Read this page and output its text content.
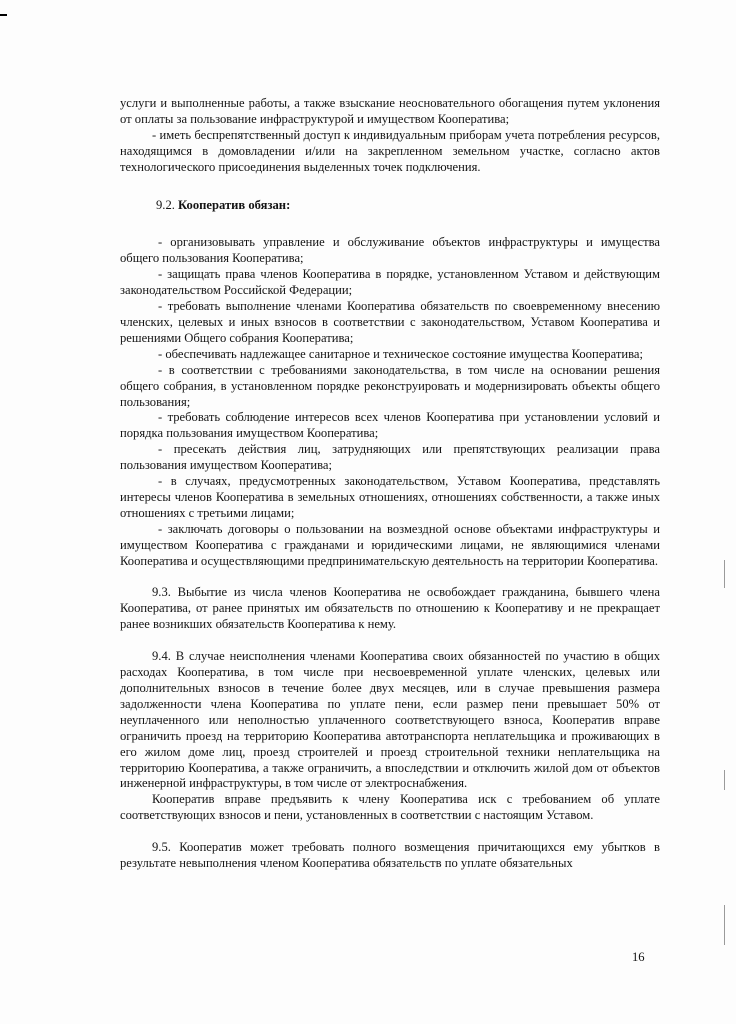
услуги и выполненные работы, а также взыскание неосновательного обогащения путем уклонения от оплаты за пользование инфраструктурой и имуществом Кооператива;

- иметь беспрепятственный доступ к индивидуальным приборам учета потребления ресурсов, находящимся в домовладении и/или на закрепленном земельном участке, согласно актов технологического присоединения выделенных точек подключения.

9.2. Кооператив обязан:

- организовывать управление и обслуживание объектов инфраструктуры и имущества общего пользования Кооператива;

- защищать права членов Кооператива в порядке, установленном Уставом и действующим законодательством Российской Федерации;

- требовать выполнение членами Кооператива обязательств по своевременному внесению членских, целевых и иных взносов в соответствии с законодательством, Уставом Кооператива и решениями Общего собрания Кооператива;

- обеспечивать надлежащее санитарное и техническое состояние имущества Кооператива;

- в соответствии с требованиями законодательства, в том числе на основании решения общего собрания, в установленном порядке реконструировать и модернизировать объекты общего пользования;

- требовать соблюдение интересов всех членов Кооператива при установлении условий и порядка пользования имуществом Кооператива;

- пресекать действия лиц, затрудняющих или препятствующих реализации права пользования имуществом Кооператива;

- в случаях, предусмотренных законодательством, Уставом Кооператива, представлять интересы членов Кооператива в земельных отношениях, отношениях собственности, а также иных отношениях с третьими лицами;

- заключать договоры о пользовании на возмездной основе объектами инфраструктуры и имуществом Кооператива с гражданами и юридическими лицами, не являющимися членами Кооператива и осуществляющими предпринимательскую деятельность на территории Кооператива.

9.3. Выбытие из числа членов Кооператива не освобождает гражданина, бывшего члена Кооператива, от ранее принятых им обязательств по отношению к Кооперативу и не прекращает ранее возникших обязательств Кооператива к нему.

9.4. В случае неисполнения членами Кооператива своих обязанностей по участию в общих расходах Кооператива, в том числе при несвоевременной уплате членских, целевых или дополнительных взносов в течение более двух месяцев, или в случае превышения размера задолженности члена Кооператива по уплате пени, если размер пени превышает 50% от неуплаченного или неполностью уплаченного соответствующего взноса, Кооператив вправе ограничить проезд на территорию Кооператива автотранспорта неплательщика и проживающих в его жилом доме лиц, проезд строителей и проезд строительной техники неплательщика на территорию Кооператива, а также ограничить, а впоследствии и отключить жилой дом от объектов инженерной инфраструктуры, в том числе от электроснабжения.

Кооператив вправе предъявить к члену Кооператива иск с требованием об уплате соответствующих взносов и пени, установленных в соответствии с настоящим Уставом.

9.5. Кооператив может требовать полного возмещения причитающихся ему убытков в результате невыполнения членом Кооператива обязательств по уплате обязательных

16
